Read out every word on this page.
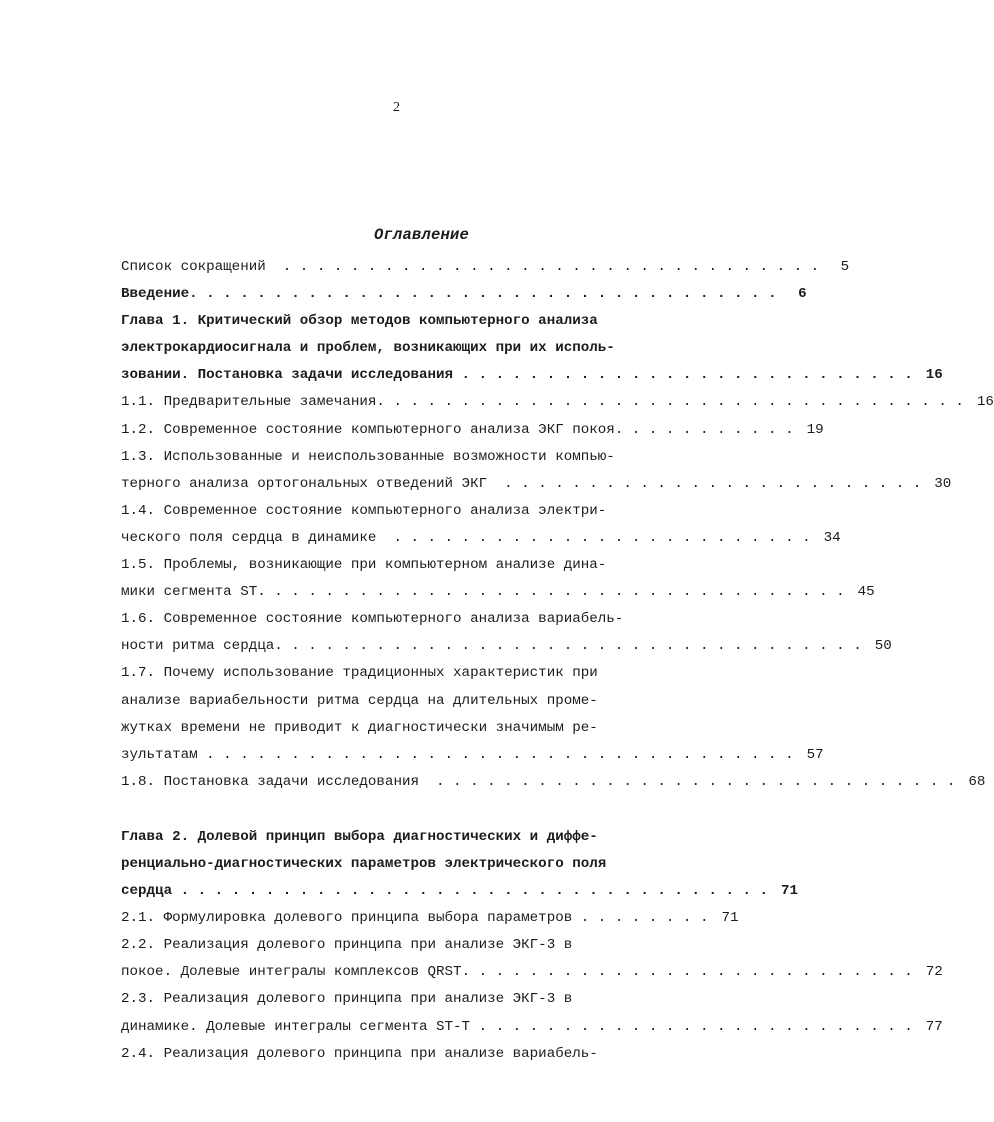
2
Оглавление
Список сокращений . . . . . . . . . . . . . . . . . . . . . . . . . . . . . . . .	5
Введение . . . . . . . . . . . . . . . . . . . . . . . . . . . . . . . . . . .	6
Глава 1. Критический обзор методов компьютерного анализа
электрокардиосигнала и проблем, возникающих при их исполь-
зовании. Постановка задачи исследования . . . . . . . . . . . . . . . . . . . . . . . . . . . 16
1.1. Предварительные замечания . . . . . . . . . . . . . . . . . . . . . . . . . . . . . . . . . . . 16
1.2. Современное состояние компьютерного анализа ЭКГ покоя . . . . . . . . . . . 19
1.3. Использованные и неиспользованные возможности компью-
терного анализа ортогональных отведений ЭКГ . . . . . . . . . . . . . . . . . . . . . . . . . 30
1.4. Современное состояние компьютерного анализа электри-
ческого поля сердца в динамике . . . . . . . . . . . . . . . . . . . . . . . . . 34
1.5. Проблемы, возникающие при компьютерном анализе дина-
мики сегмента ST . . . . . . . . . . . . . . . . . . . . . . . . . . . . . . . . . . . 45
1.6. Современное состояние компьютерного анализа вариабель-
ности ритма сердца . . . . . . . . . . . . . . . . . . . . . . . . . . . . . . . . . . . 50
1.7. Почему использование традиционных характеристик при
анализе вариабельности ритма сердца на длительных проме-
жутках времени не приводит к диагностически значимым ре-
зультатам . . . . . . . . . . . . . . . . . . . . . . . . . . . . . . . . . . . 57
1.8. Постановка задачи исследования . . . . . . . . . . . . . . . . . . . . . . . . . . . . . . . 68
Глава 2. Долевой принцип выбора диагностических и диффе-
ренциально-диагностических параметров электрического поля
сердца . . . . . . . . . . . . . . . . . . . . . . . . . . . . . . . . . . . 71
2.1. Формулировка долевого принципа выбора параметров . . . . . . . . 71
2.2. Реализация долевого принципа при анализе ЭКГ-3 в
покое. Долевые интегралы комплексов QRST . . . . . . . . . . . . . . . . . . . . . . . . . . . 72
2.3. Реализация долевого принципа при анализе ЭКГ-3 в
динамике. Долевые интегралы сегмента ST-T . . . . . . . . . . . . . . . . . . . . . . . . . . 77
2.4. Реализация долевого принципа при анализе вариабель-
